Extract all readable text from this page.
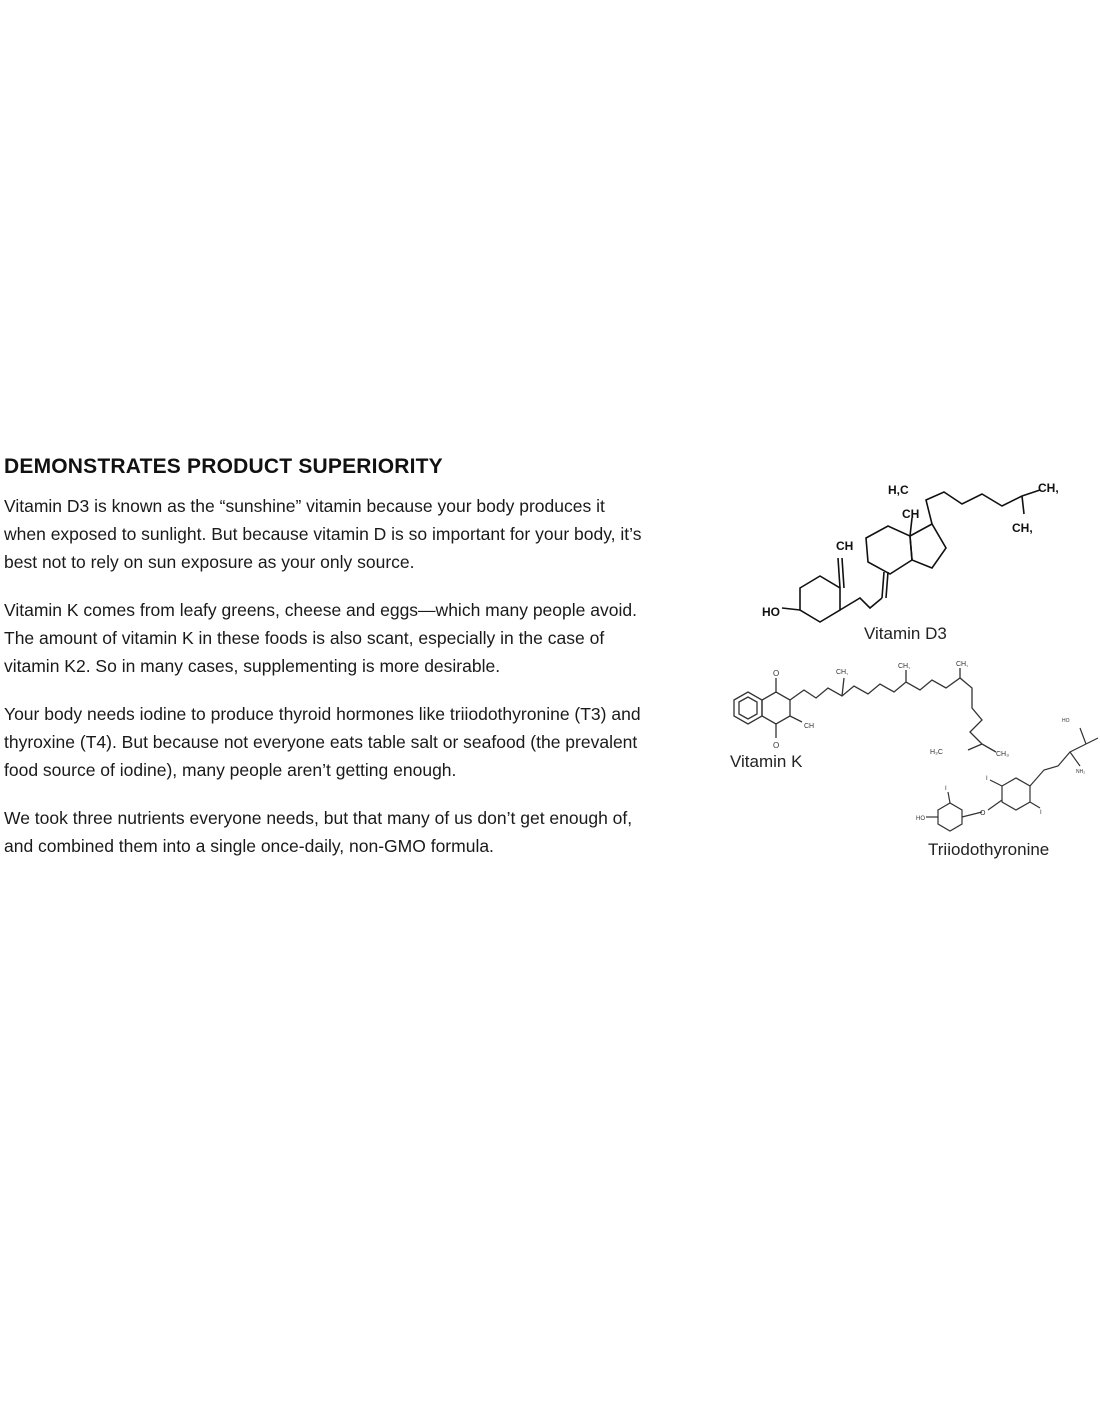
DEMONSTRATES PRODUCT SUPERIORITY

Vitamin D3 is known as the “sunshine” vitamin because your body produces it when exposed to sunlight. But because vitamin D is so important for your body, it’s best not to rely on sun exposure as your only source.

Vitamin K comes from leafy greens, cheese and eggs—which many people avoid. The amount of vitamin K in these foods is also scant, especially in the case of vitamin K2. So in many cases, supplementing is more desirable.

Your body needs iodine to produce thyroid hormones like triiodothyronine (T3) and thyroxine (T4). But because not everyone eats table salt or seafood (the prevalent food source of iodine), many people aren’t getting enough.

We took three nutrients everyone needs, but that many of us don’t get enough of, and combined them into a single once-daily, non-GMO formula.

HO
CH
H,C
CH
CH,
CH,
O
O
CH
CH,
CH,	CH,
H₃C	CH₃
HO
O
I
I
I
NH₂
HO
Vitamin D3
Vitamin K
Triiodothyronine
